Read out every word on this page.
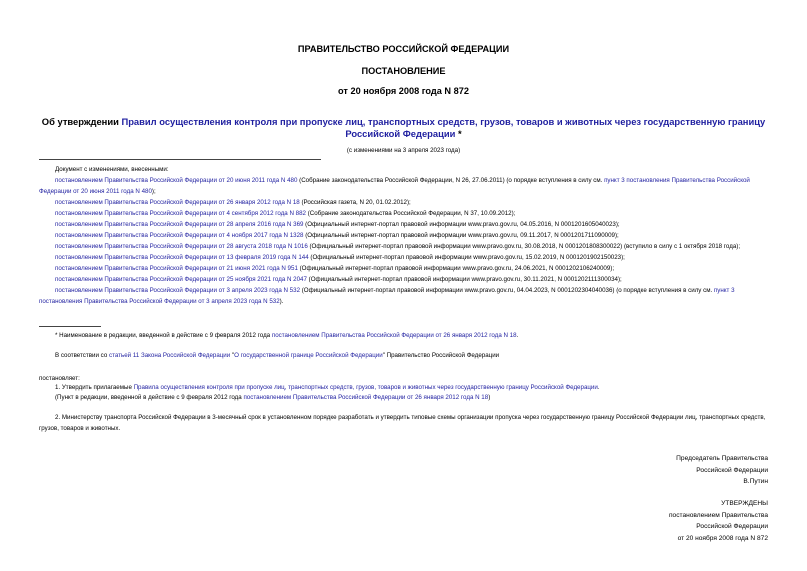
ПРАВИТЕЛЬСТВО РОССИЙСКОЙ ФЕДЕРАЦИИ
ПОСТАНОВЛЕНИЕ
от 20 ноября 2008 года N 872
Об утверждении Правил осуществления контроля при пропуске лиц, транспортных средств, грузов, товаров и животных через государственную границу
Российской Федерации *
(с изменениями на 3 апреля 2023 года)

Документ с изменениями, внесенными:

постановлением Правительства Российской Федерации от 20 июня 2011 года N 480 (Собрание законодательства Российской Федерации, N 26, 27.06.2011) (о порядке вступления в силу см. пункт 3 постановления Правительства Российской Федерации от 20 июня 2011 года N 480);

постановлением Правительства Российской Федерации от 26 января 2012 года N 18 (Российская газета, N 20, 01.02.2012);

постановлением Правительства Российской Федерации от 4 сентября 2012 года N 882 (Собрание законодательства Российской Федерации, N 37, 10.09.2012);

постановлением Правительства Российской Федерации от 28 апреля 2016 года N 369 (Официальный интернет-портал правовой информации www.pravo.gov.ru, 04.05.2016, N 0001201605040023);

постановлением Правительства Российской Федерации от 4 ноября 2017 года N 1328 (Официальный интернет-портал правовой информации www.pravo.gov.ru, 09.11.2017, N 0001201711090009);

постановлением Правительства Российской Федерации от 28 августа 2018 года N 1016 (Официальный интернет-портал правовой информации www.pravo.gov.ru, 30.08.2018, N 0001201808300022) (вступило в силу с 1 октября 2018 года);

постановлением Правительства Российской Федерации от 13 февраля 2019 года N 144 (Официальный интернет-портал правовой информации www.pravo.gov.ru, 15.02.2019, N 0001201902150023);

постановлением Правительства Российской Федерации от 21 июня 2021 года N 951 (Официальный интернет-портал правовой информации www.pravo.gov.ru, 24.06.2021, N 0001202106240009);

постановлением Правительства Российской Федерации от 25 ноября 2021 года N 2047 (Официальный интернет-портал правовой информации www.pravo.gov.ru, 30.11.2021, N 0001202111300034);

постановлением Правительства Российской Федерации от 3 апреля 2023 года N 532 (Официальный интернет-портал правовой информации www.pravo.gov.ru, 04.04.2023, N 0001202304040036) (о порядке вступления в силу см. пункт 3 постановления Правительства Российской Федерации от 3 апреля 2023 года N 532).

* Наименование в редакции, введенной в действие с 9 февраля 2012 года постановлением Правительства Российской Федерации от 26 января 2012 года N 18.
В соответствии со статьей 11 Закона Российской Федерации "О государственной границе Российской Федерации" Правительство Российской Федерации
постановляет:
1. Утвердить прилагаемые Правила осуществления контроля при пропуске лиц, транспортных средств, грузов, товаров и животных через государственную границу Российской Федерации.
(Пункт в редакции, введенной в действие с 9 февраля 2012 года постановлением Правительства Российской Федерации от 26 января 2012 года N 18)
2. Министерству транспорта Российской Федерации в 3-месячный срок в установленном порядке разработать и утвердить типовые схемы организации пропуска через государственную границу Российской Федерации лиц, транспортных средств, грузов, товаров и животных.
Председатель Правительства
Российской Федерации
В.Путин
УТВЕРЖДЕНЫ
постановлением Правительства
Российской Федерации
от 20 ноября 2008 года N 872
